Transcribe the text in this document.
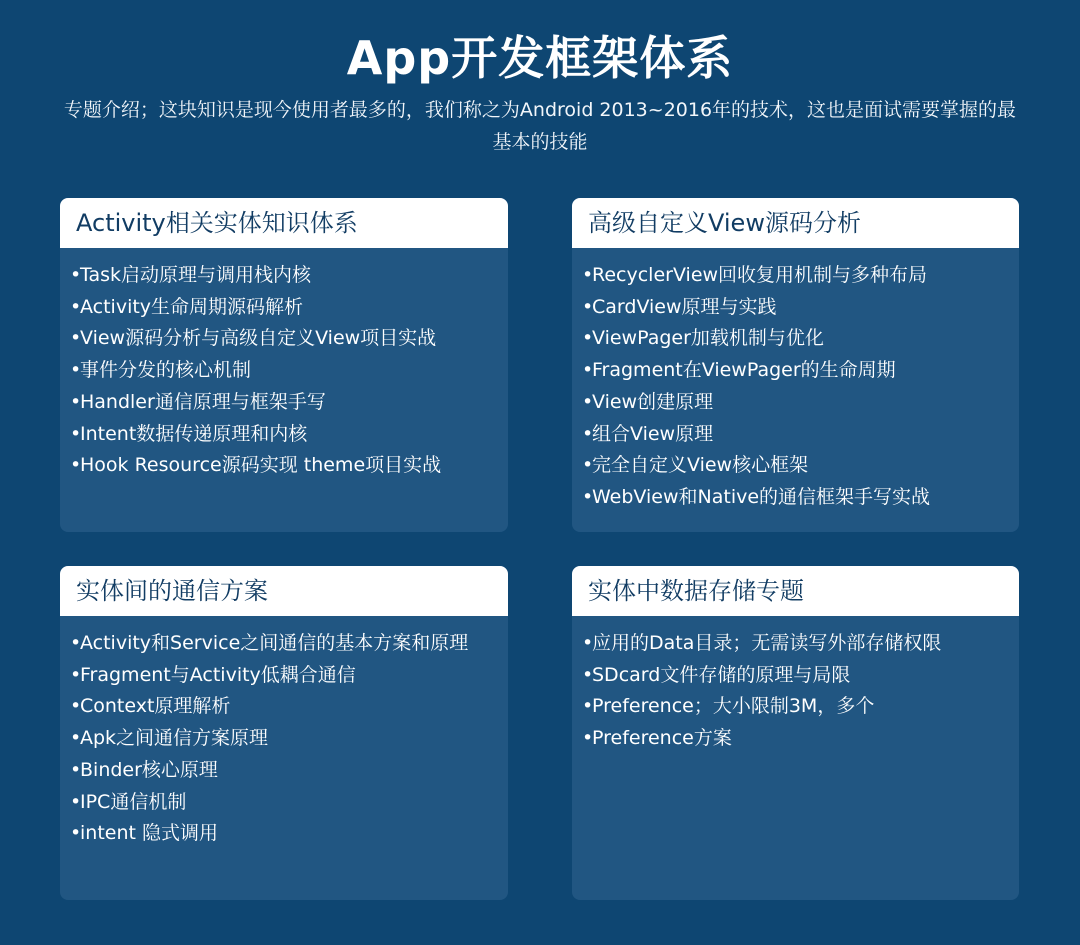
App开发框架体系
专题介绍；这块知识是现今使用者最多的，我们称之为Android 2013~2016年的技术，这也是面试需要掌握的最基本的技能
Activity相关实体知识体系
• Task启动原理与调用栈内核
• Activity生命周期源码解析
• View源码分析与高级自定义View项目实战
• 事件分发的核心机制
• Handler通信原理与框架手写
• Intent数据传递原理和内核
• Hook Resource源码实现 theme项目实战
高级自定义View源码分析
• RecyclerView回收复用机制与多种布局
• CardView原理与实践
• ViewPager加载机制与优化
• Fragment在ViewPager的生命周期
• View创建原理
• 组合View原理
• 完全自定义View核心框架
• WebView和Native的通信框架手写实战
实体间的通信方案
• Activity和Service之间通信的基本方案和原理
• Fragment与Activity低耦合通信
• Context原理解析
• Apk之间通信方案原理
• Binder核心原理
• IPC通信机制
• intent 隐式调用
实体中数据存储专题
• 应用的Data目录；无需读写外部存储权限
• SDcard文件存储的原理与局限
• Preference；大小限制3M，多个
• Preference方案
